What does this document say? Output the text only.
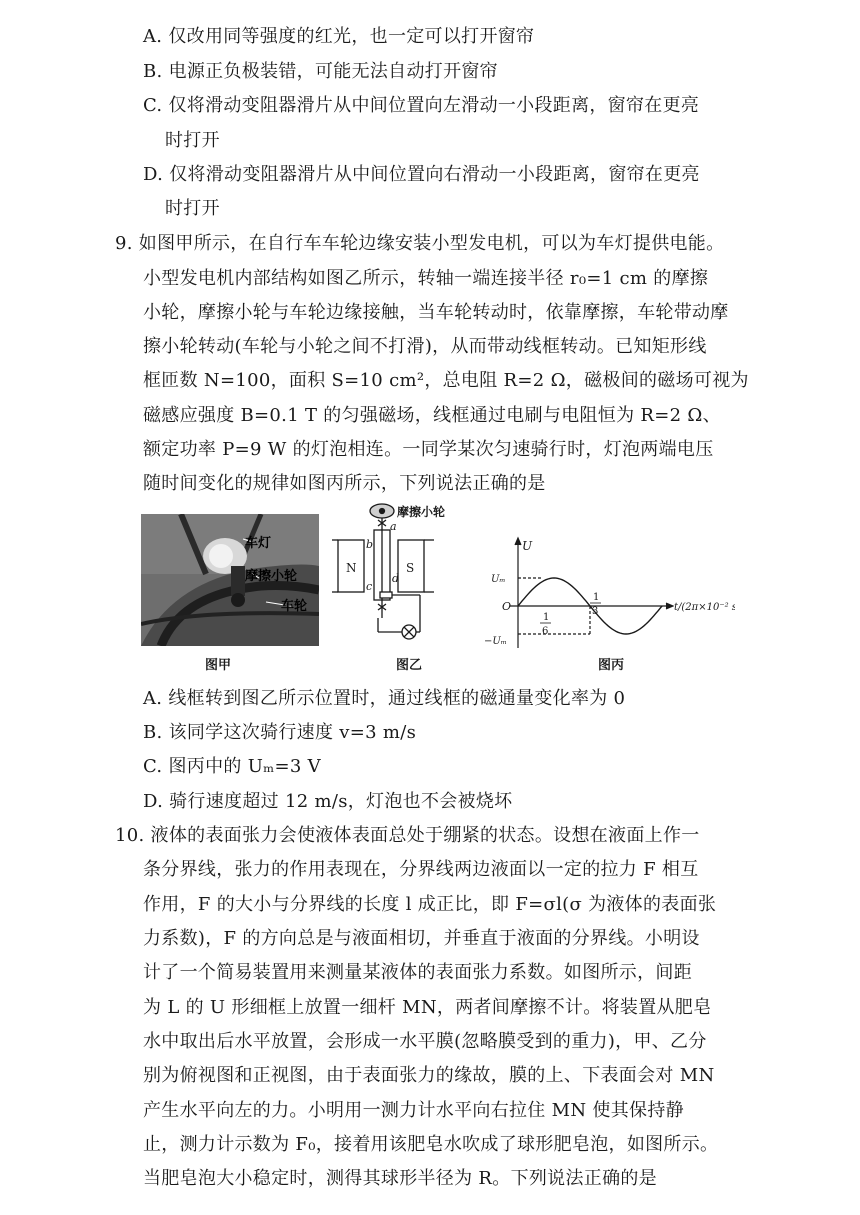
A. 仅改用同等强度的红光，也一定可以打开窗帘
B. 电源正负极装错，可能无法自动打开窗帘
C. 仅将滑动变阻器滑片从中间位置向左滑动一小段距离，窗帘在更亮
时打开
D. 仅将滑动变阻器滑片从中间位置向右滑动一小段距离，窗帘在更亮
时打开
9. 如图甲所示，在自行车车轮边缘安装小型发电机，可以为车灯提供电能。
小型发电机内部结构如图乙所示，转轴一端连接半径 r₀=1 cm 的摩擦
小轮，摩擦小轮与车轮边缘接触，当车轮转动时，依靠摩擦，车轮带动摩
擦小轮转动(车轮与小轮之间不打滑)，从而带动线框转动。已知矩形线
框匝数 N=100，面积 S=10 cm²，总电阻 R=2 Ω，磁极间的磁场可视为
磁感应强度 B=0.1 T 的匀强磁场，线框通过电刷与电阻恒为 R=2 Ω、
额定功率 P=9 W 的灯泡相连。一同学某次匀速骑行时，灯泡两端电压
随时间变化的规律如图丙所示，下列说法正确的是
车灯
摩擦小轮
车轮
图甲
摩擦小轮
a
N	S
b
c
d
图乙
U
Uₘ
−Uₘ
O
1
6
1
3	t/(2π×10⁻² s)
图丙
A. 线框转到图乙所示位置时，通过线框的磁通量变化率为 0
B. 该同学这次骑行速度 v=3 m/s
C. 图丙中的 Uₘ=3 V
D. 骑行速度超过 12 m/s，灯泡也不会被烧坏
10. 液体的表面张力会使液体表面总处于绷紧的状态。设想在液面上作一
条分界线，张力的作用表现在，分界线两边液面以一定的拉力 F 相互
作用，F 的大小与分界线的长度 l 成正比，即 F=σl(σ 为液体的表面张
力系数)，F 的方向总是与液面相切，并垂直于液面的分界线。小明设
计了一个简易装置用来测量某液体的表面张力系数。如图所示，间距
为 L 的 U 形细框上放置一细杆 MN，两者间摩擦不计。将装置从肥皂
水中取出后水平放置，会形成一水平膜(忽略膜受到的重力)，甲、乙分
别为俯视图和正视图，由于表面张力的缘故，膜的上、下表面会对 MN
产生水平向左的力。小明用一测力计水平向右拉住 MN 使其保持静
止，测力计示数为 F₀，接着用该肥皂水吹成了球形肥皂泡，如图所示。
当肥皂泡大小稳定时，测得其球形半径为 R。下列说法正确的是
